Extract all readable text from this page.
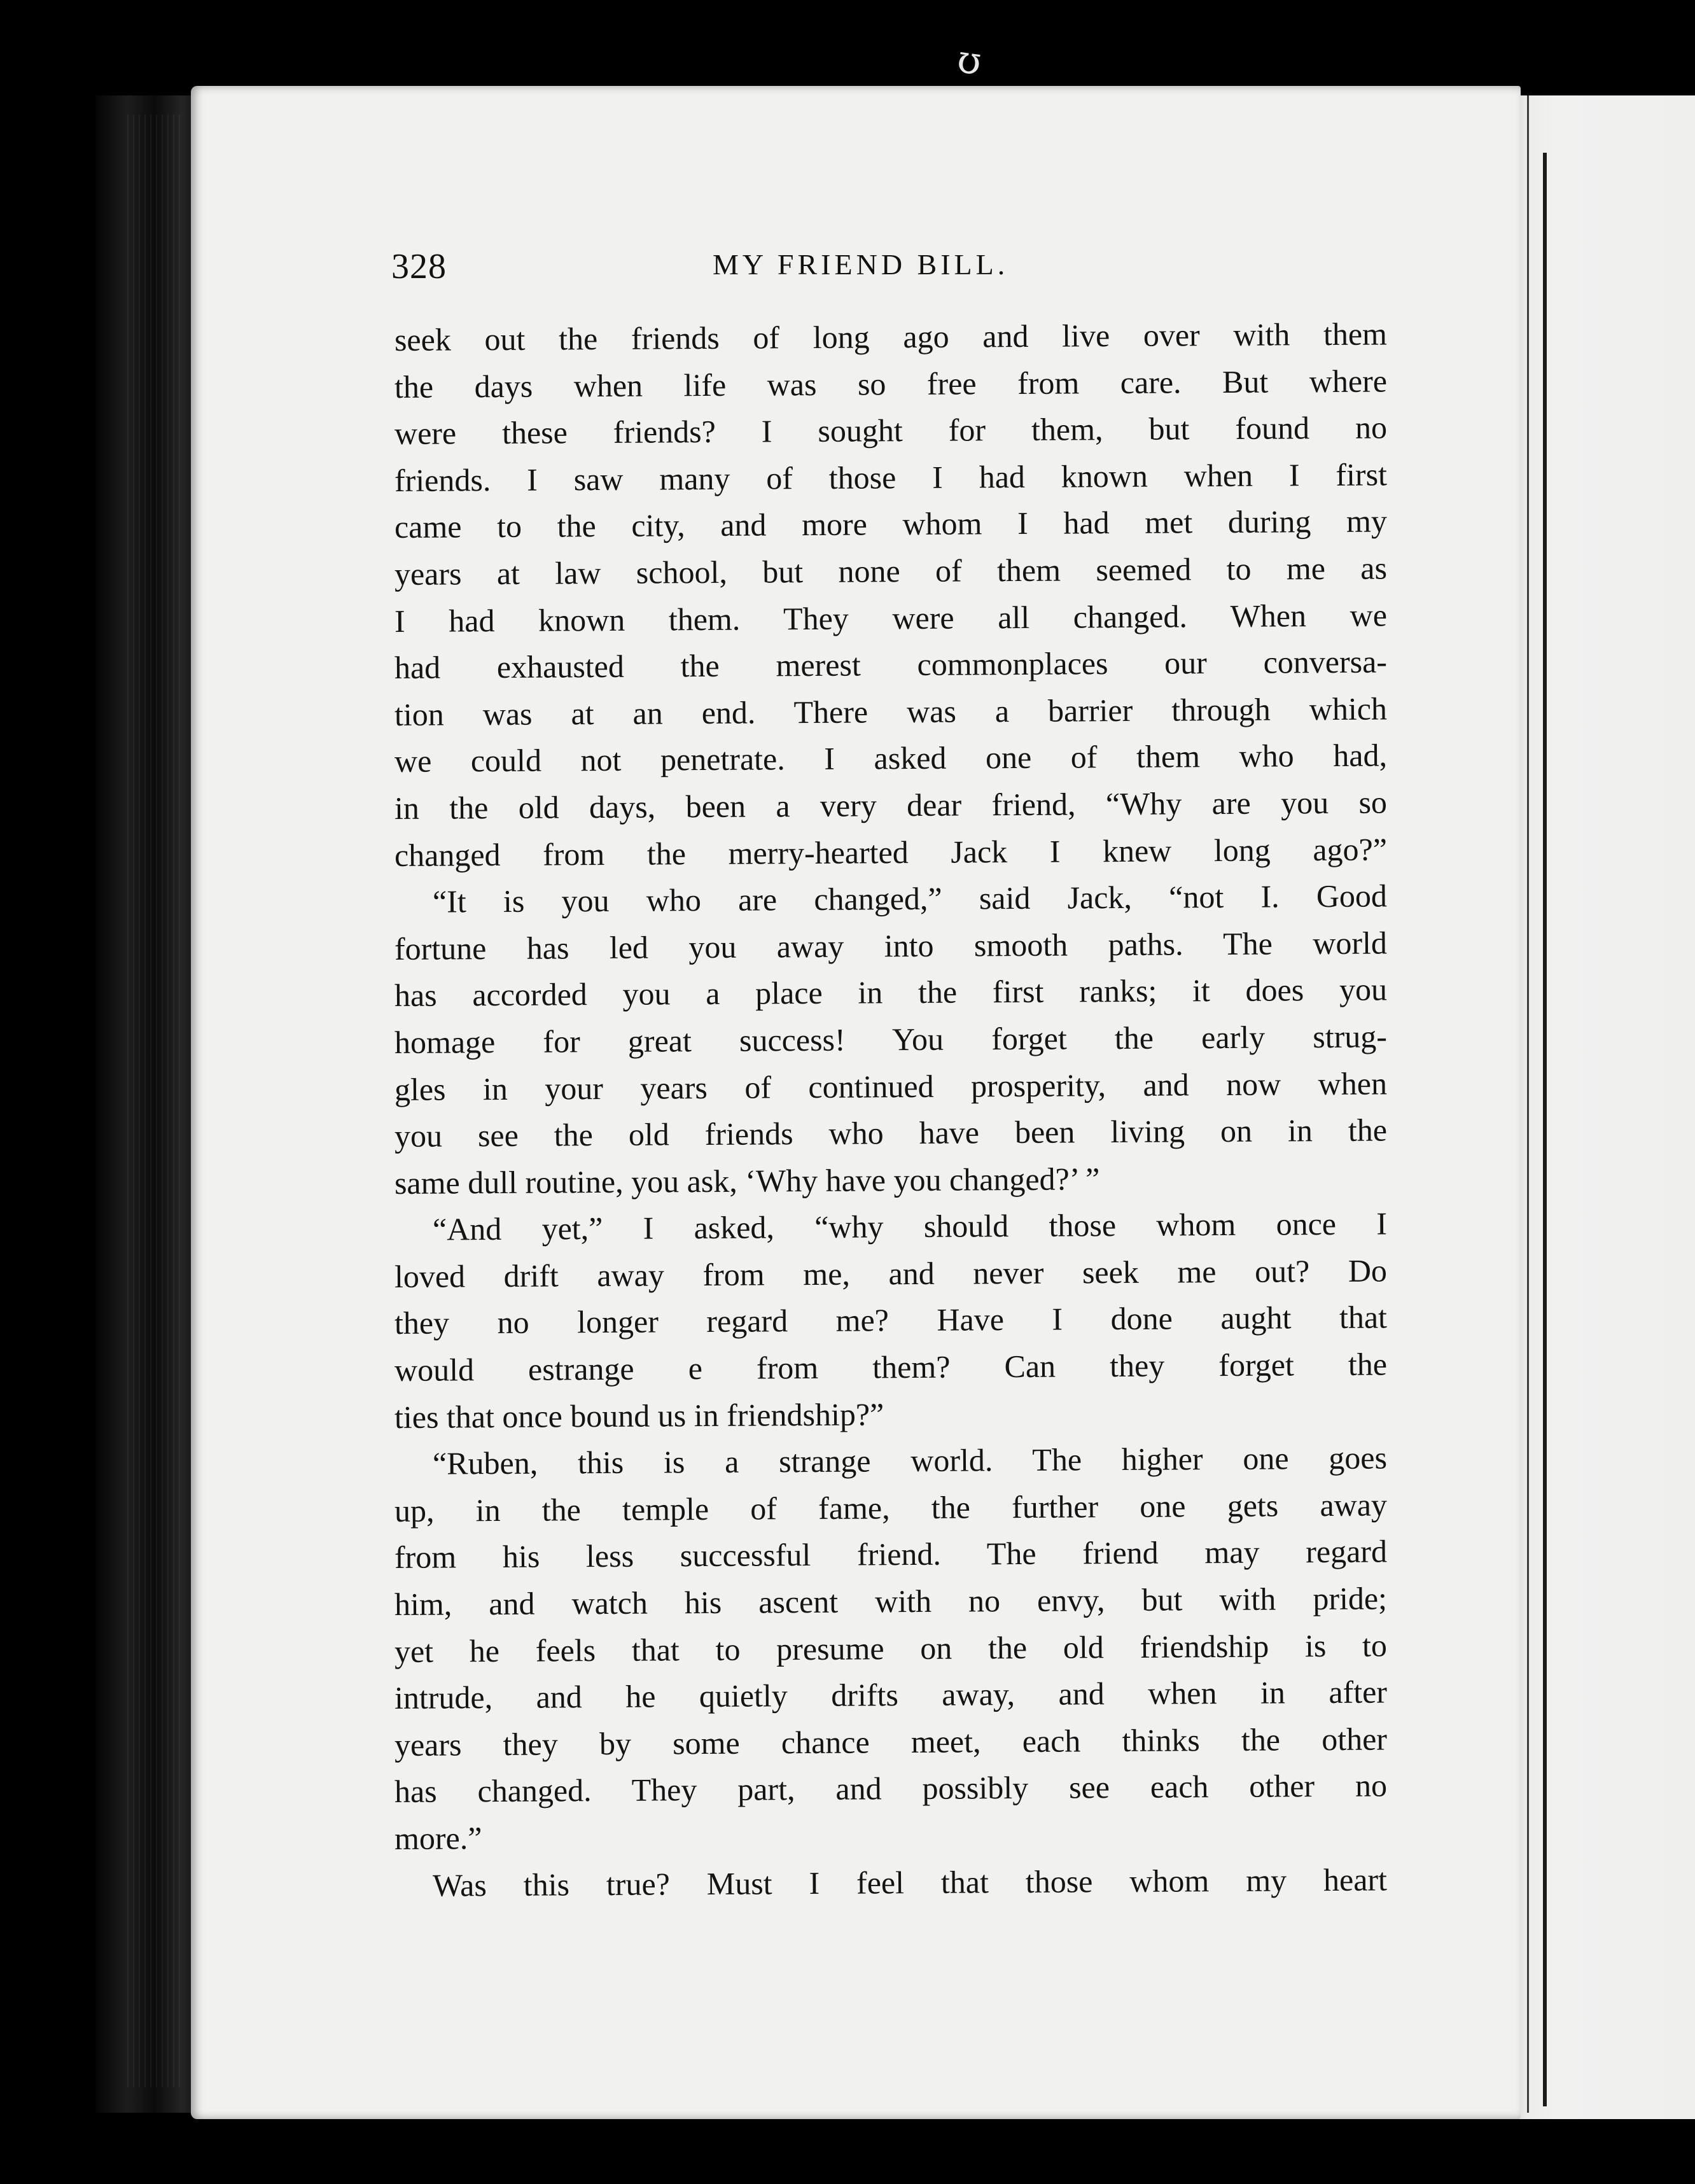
ʊ
328	MY FRIEND BILL.
seek out the friends of long ago and live over with them
the days when life was so free from care. But where
were these friends? I sought for them, but found no
friends. I saw many of those I had known when I first
came to the city, and more whom I had met during my
years at law school, but none of them seemed to me as
I had known them. They were all changed. When we
had exhausted the merest commonplaces our conversa-
tion was at an end. There was a barrier through which
we could not penetrate. I asked one of them who had,
in the old days, been a very dear friend, “Why are you so
changed from the merry-hearted Jack I knew long ago?”
“It is you who are changed,” said Jack, “not I. Good
fortune has led you away into smooth paths. The world
has accorded you a place in the first ranks; it does you
homage for great success! You forget the early strug-
gles in your years of continued prosperity, and now when
you see the old friends who have been living on in the
same dull routine, you ask, ‘Why have you changed?’ ”
“And yet,” I asked, “why should those whom once I
loved drift away from me, and never seek me out? Do
they no longer regard me? Have I done aught that
would estrange e from them? Can they forget the
ties that once bound us in friendship?”
“Ruben, this is a strange world. The higher one goes
up, in the temple of fame, the further one gets away
from his less successful friend. The friend may regard
him, and watch his ascent with no envy, but with pride;
yet he feels that to presume on the old friendship is to
intrude, and he quietly drifts away, and when in after
years they by some chance meet, each thinks the other
has changed. They part, and possibly see each other no
more.”
Was this true? Must I feel that those whom my heart
